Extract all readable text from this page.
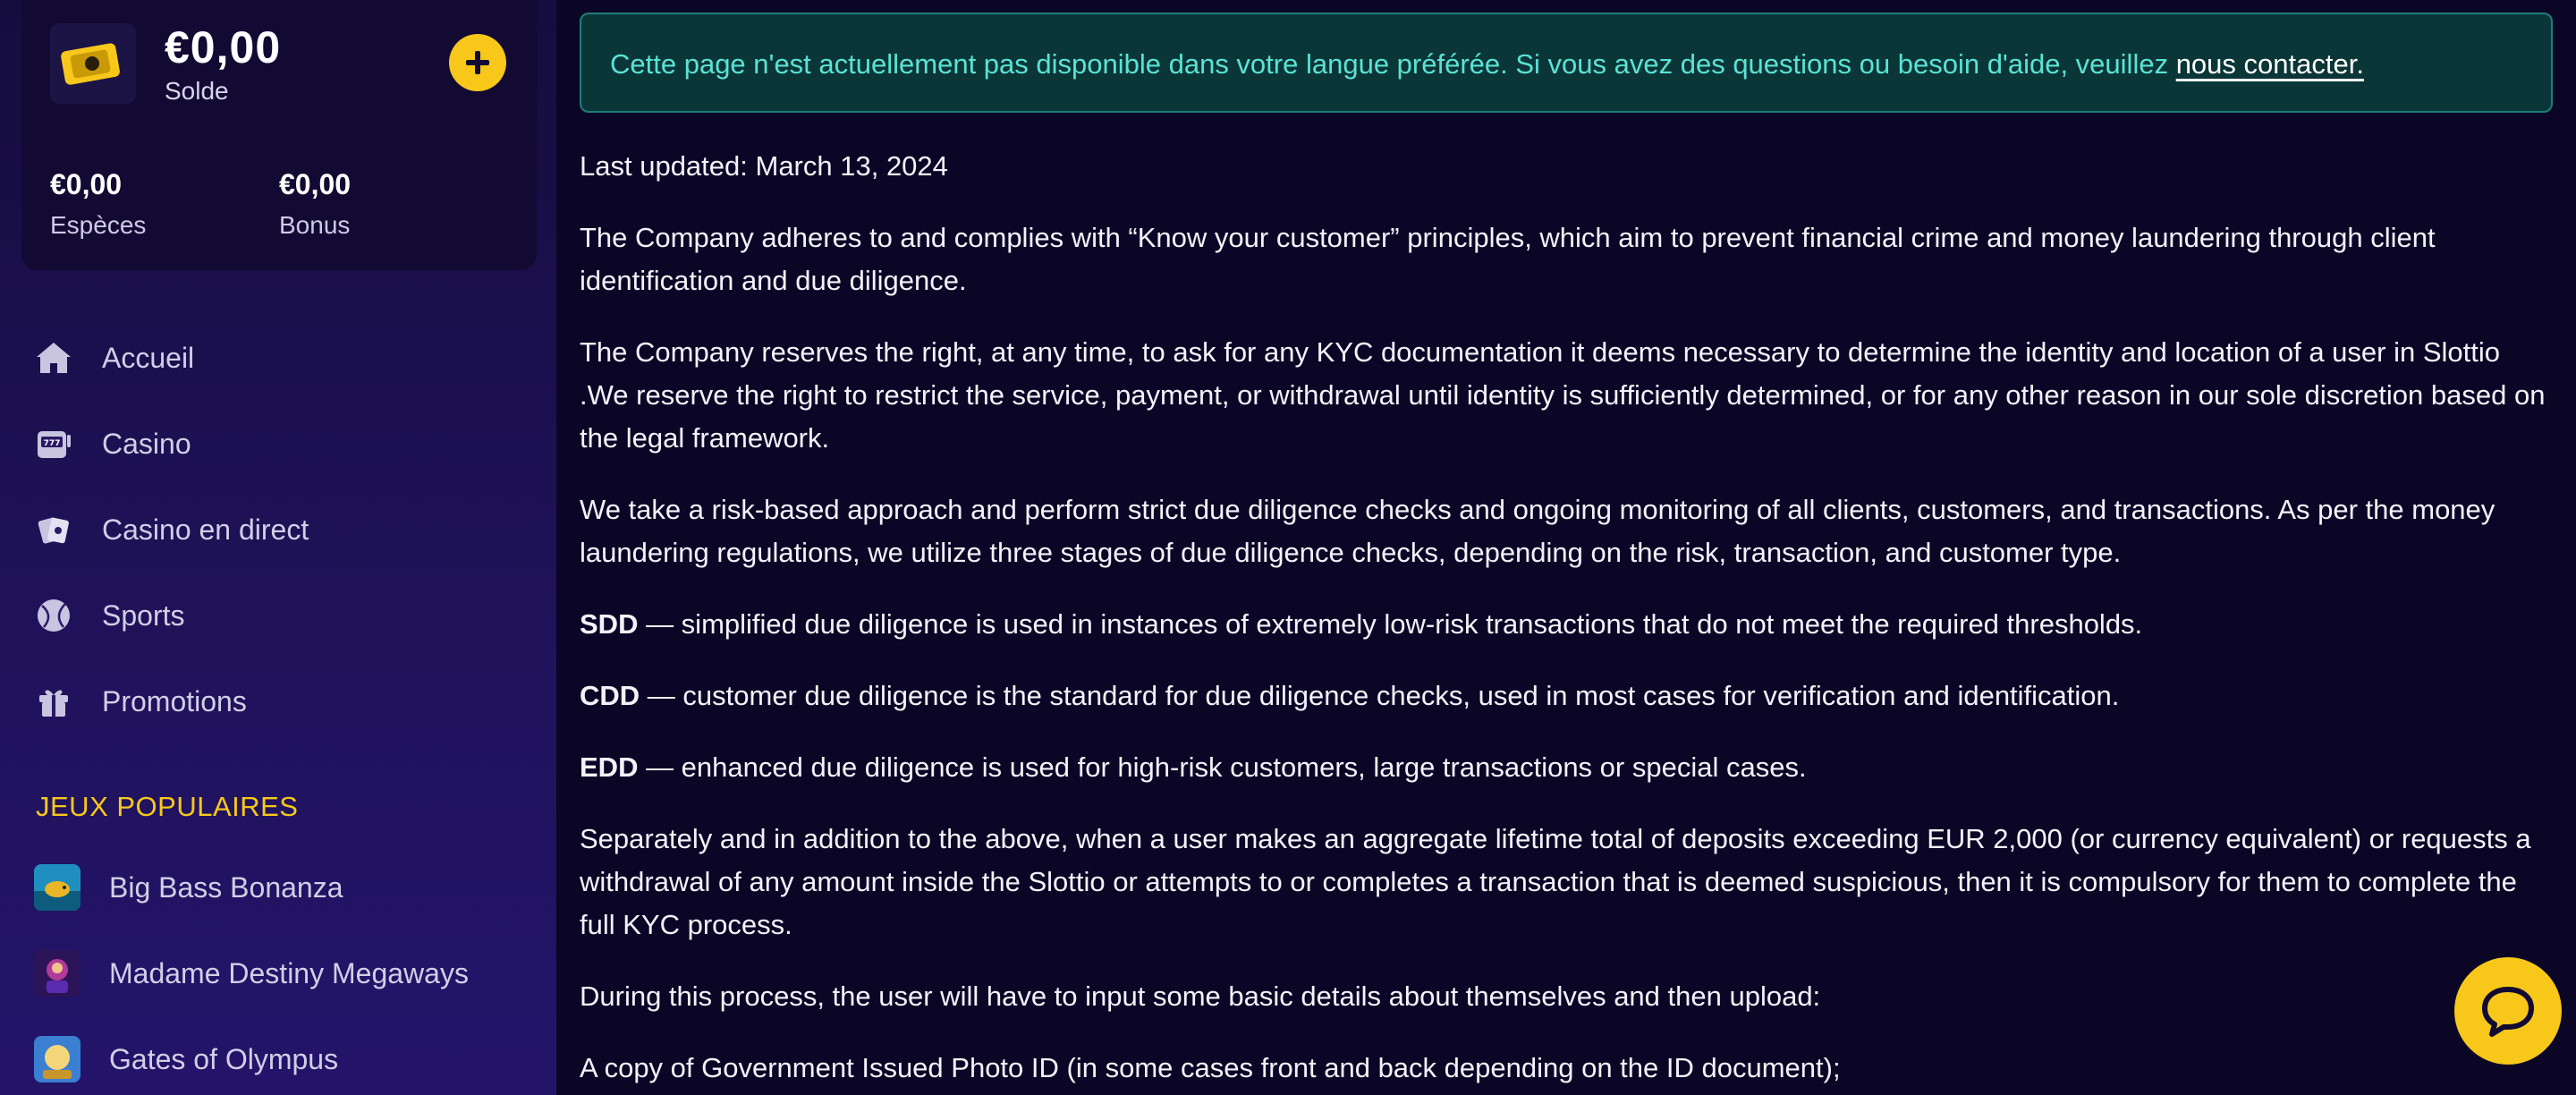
€0,00
Solde
€0,00
Espèces
€0,00
Bonus
Accueil
777 Casino
Casino en direct
Sports
Promotions
JEUX POPULAIRES
Big Bass Bonanza
Madame Destiny Megaways
Gates of Olympus
Cette page n'est actuellement pas disponible dans votre langue préférée. Si vous avez des questions ou besoin d'aide, veuillez nous contacter.

Last updated: March 13, 2024

The Company adheres to and complies with “Know your customer” principles, which aim to prevent financial crime and money laundering through client identification and due diligence.

The Company reserves the right, at any time, to ask for any KYC documentation it deems necessary to determine the identity and location of a user in Slottio .We reserve the right to restrict the service, payment, or withdrawal until identity is sufficiently determined, or for any other reason in our sole discretion based on the legal framework.

We take a risk-based approach and perform strict due diligence checks and ongoing monitoring of all clients, customers, and transactions. As per the money laundering regulations, we utilize three stages of due diligence checks, depending on the risk, transaction, and customer type.

SDD — simplified due diligence is used in instances of extremely low-risk transactions that do not meet the required thresholds.

CDD — customer due diligence is the standard for due diligence checks, used in most cases for verification and identification.

EDD — enhanced due diligence is used for high-risk customers, large transactions or special cases.

Separately and in addition to the above, when a user makes an aggregate lifetime total of deposits exceeding EUR 2,000 (or currency equivalent) or requests a withdrawal of any amount inside the Slottio or attempts to or completes a transaction that is deemed suspicious, then it is compulsory for them to complete the full KYC process.

During this process, the user will have to input some basic details about themselves and then upload:

A copy of Government Issued Photo ID (in some cases front and back depending on the ID document);
